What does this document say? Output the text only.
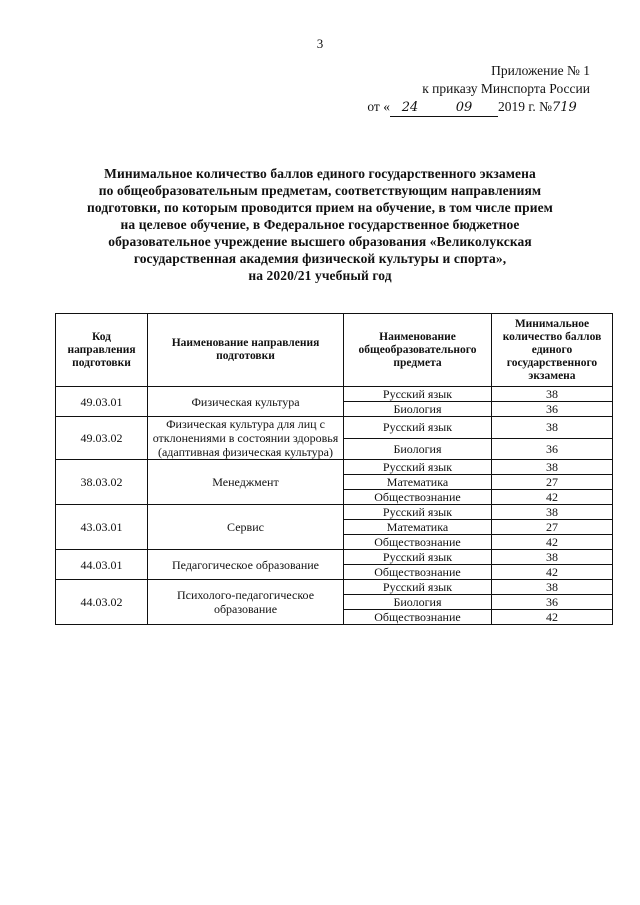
3
Приложение № 1
к приказу Минспорта России
от « 24	09 2019 г. №719
Минимальное количество баллов единого государственного экзамена
по общеобразовательным предметам, соответствующим направлениям
подготовки, по которым проводится прием на обучение, в том числе прием
на целевое обучение, в Федеральное государственное бюджетное
образовательное учреждение высшего образования «Великолукская
государственная академия физической культуры и спорта»,
на 2020/21 учебный год
Код направления подготовки	Наименование направления подготовки	Наименование общеобразовательного предмета	Минимальное количество баллов единого государственного экзамена
49.03.01	Физическая культура	Русский язык	38
		Биология	36
49.03.02	Физическая культура для лиц с отклонениями в состоянии здоровья (адаптивная физическая культура)	Русский язык	38
		Биология	36
38.03.02	Менеджмент	Русский язык	38
		Математика	27
		Обществознание	42
43.03.01	Сервис	Русский язык	38
		Математика	27
		Обществознание	42
44.03.01	Педагогическое образование	Русский язык	38
		Обществознание	42
44.03.02	Психолого-педагогическое образование	Русский язык	38
		Биология	36
		Обществознание	42
